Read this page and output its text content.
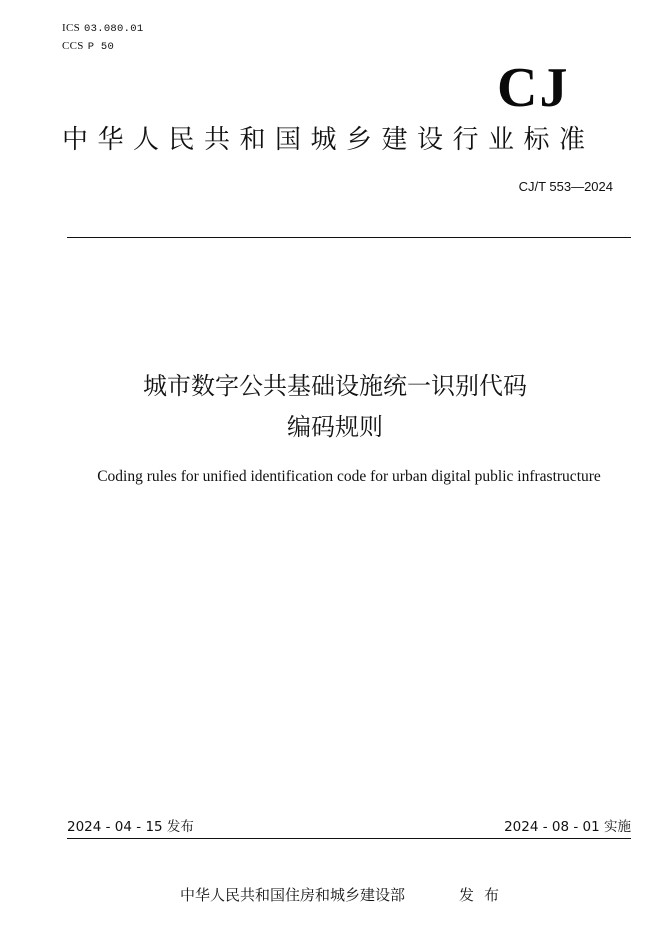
ICS 03.080.01
CCS P 50
CJ
中华人民共和国城乡建设行业标准
CJ/T 553—2024
城市数字公共基础设施统一识别代码
编码规则
Coding rules for unified identification code for urban digital public infrastructure
2024 - 04 - 15 发布	2024 - 08 - 01 实施
中华人民共和国住房和城乡建设部	发布
